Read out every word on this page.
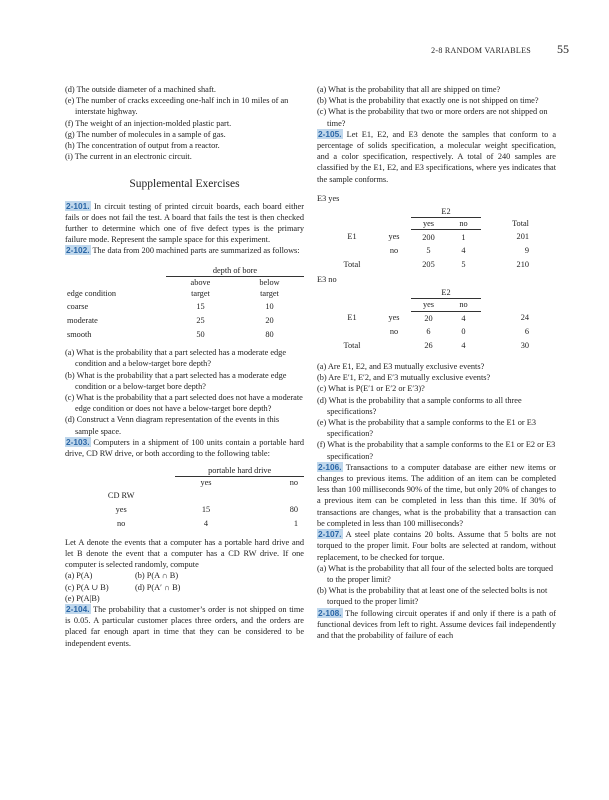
2-8 RANDOM VARIABLES 55

(d) The outside diameter of a machined shaft.

(e) The number of cracks exceeding one-half inch in 10 miles of an interstate highway.

(f) The weight of an injection-molded plastic part.

(g) The number of molecules in a sample of gas.

(h) The concentration of output from a reactor.

(i) The current in an electronic circuit.

Supplemental Exercises

2-101. In circuit testing of printed circuit boards, each board either fails or does not fail the test. A board that fails the test is then checked further to determine which one of five defect types is the primary failure mode. Represent the sample space for this experiment.

2-102. The data from 200 machined parts are summarized as follows:

	depth of bore	
	above	below
edge condition	target	target
coarse	15	10
moderate	25	20
smooth	50	80

(a) What is the probability that a part selected has a moderate edge condition and a below-target bore depth?

(b) What is the probability that a part selected has a moderate edge condition or a below-target bore depth?

(c) What is the probability that a part selected does not have a moderate edge condition or does not have a below-target bore depth?

(d) Construct a Venn diagram representation of the events in this sample space.

2-103. Computers in a shipment of 100 units contain a portable hard drive, CD RW drive, or both according to the following table:

	portable hard drive	
	yes	no
CD RW		
yes	15	80
no	4	1

Let A denote the events that a computer has a portable hard drive and let B denote the event that a computer has a CD RW drive. If one computer is selected randomly, compute

(a) P(A)	(b) P(A ∩ B)
(c) P(A ∪ B)	(d) P(A′ ∩ B)
(e) P(A|B)	

2-104. The probability that a customer’s order is not shipped on time is 0.05. A particular customer places three orders, and the orders are placed far enough apart in time that they can be considered to be independent events.

(a) What is the probability that all are shipped on time?

(b) What is the probability that exactly one is not shipped on time?

(c) What is the probability that two or more orders are not shipped on time?

2-105. Let E1, E2, and E3 denote the samples that conform to a percentage of solids specification, a molecular weight specification, and a color specification, respectively. A total of 240 samples are classified by the E1, E2, and E3 specifications, where yes indicates that the sample conforms.

E3 yes

		E2		
		yes	no	Total
E1	yes	200	1	201
	no	5	4	9
Total		205	5	210

E3 no

		E2		
		yes	no	
E1	yes	20	4	24
	no	6	0	6
Total		26	4	30

(a) Are E1, E2, and E3 mutually exclusive events?

(b) Are E′1, E′2, and E′3 mutually exclusive events?

(c) What is P(E′1 or E′2 or E′3)?

(d) What is the probability that a sample conforms to all three specifications?

(e) What is the probability that a sample conforms to the E1 or E3 specification?

(f) What is the probability that a sample conforms to the E1 or E2 or E3 specification?

2-106. Transactions to a computer database are either new items or changes to previous items. The addition of an item can be completed less than 100 milliseconds 90% of the time, but only 20% of changes to a previous item can be completed in less than this time. If 30% of transactions are changes, what is the probability that a transaction can be completed in less than 100 milliseconds?

2-107. A steel plate contains 20 bolts. Assume that 5 bolts are not torqued to the proper limit. Four bolts are selected at random, without replacement, to be checked for torque.

(a) What is the probability that all four of the selected bolts are torqued to the proper limit?

(b) What is the probability that at least one of the selected bolts is not torqued to the proper limit?

2-108. The following circuit operates if and only if there is a path of functional devices from left to right. Assume devices fail independently and that the probability of failure of each
